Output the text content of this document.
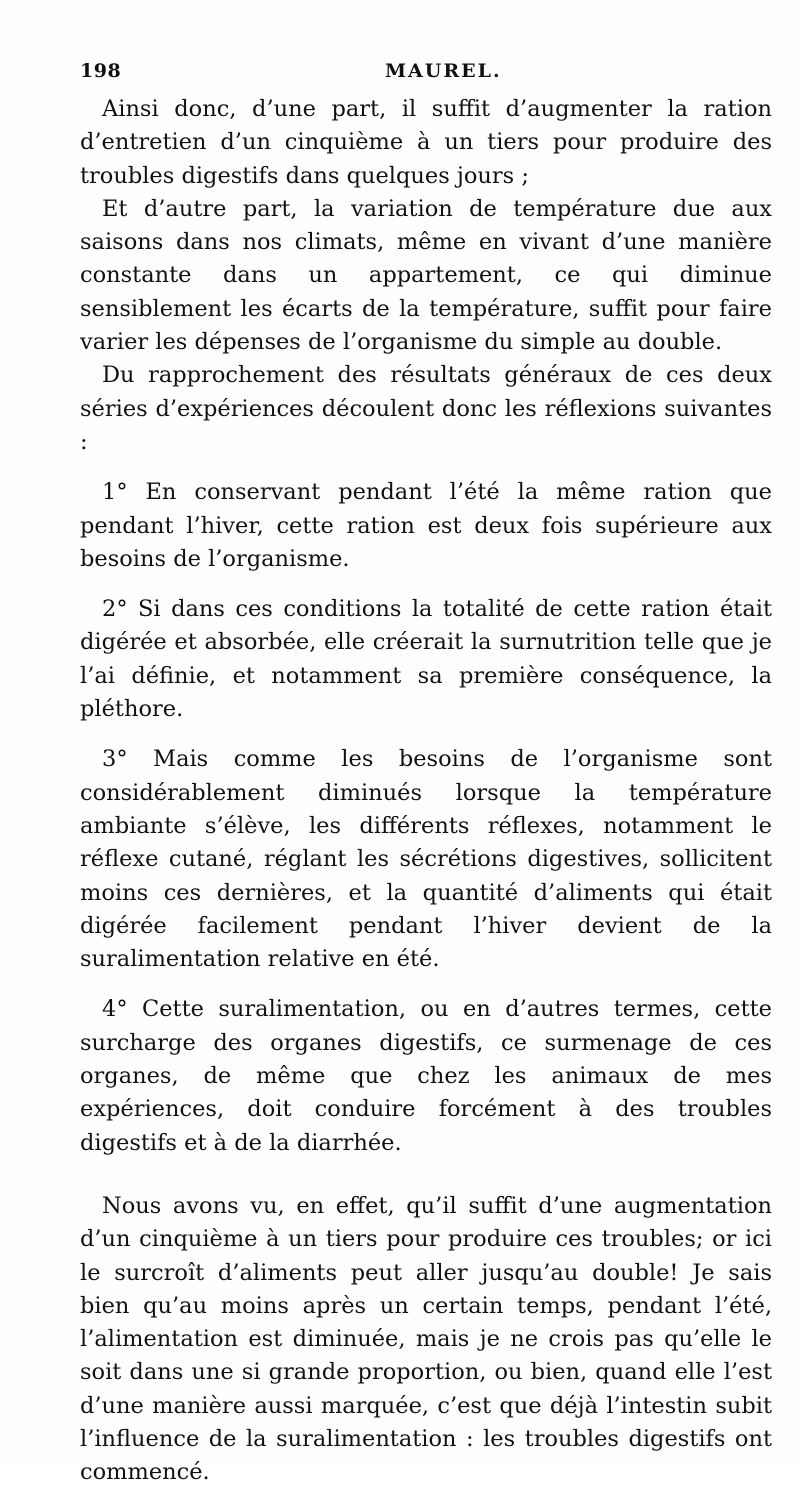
198	MAUREL.

Ainsi donc, d’une part, il suffit d’augmenter la ration d’entretien d’un cinquième à un tiers pour produire des troubles digestifs dans quelques jours ;

Et d’autre part, la variation de température due aux saisons dans nos climats, même en vivant d’une manière constante dans un appartement, ce qui diminue sensiblement les écarts de la température, suffit pour faire varier les dépenses de l’organisme du simple au double.

Du rapprochement des résultats généraux de ces deux séries d’expériences découlent donc les réflexions suivantes :

1° En conservant pendant l’été la même ration que pendant l’hiver, cette ration est deux fois supérieure aux besoins de l’organisme.

2° Si dans ces conditions la totalité de cette ration était digérée et absorbée, elle créerait la surnutrition telle que je l’ai définie, et notamment sa première conséquence, la pléthore.

3° Mais comme les besoins de l’organisme sont considérablement diminués lorsque la température ambiante s’élève, les différents réflexes, notamment le réflexe cutané, réglant les sécrétions digestives, sollicitent moins ces dernières, et la quantité d’aliments qui était digérée facilement pendant l’hiver devient de la suralimentation relative en été.

4° Cette suralimentation, ou en d’autres termes, cette surcharge des organes digestifs, ce surmenage de ces organes, de même que chez les animaux de mes expériences, doit conduire forcément à des troubles digestifs et à de la diarrhée.

Nous avons vu, en effet, qu’il suffit d’une augmentation d’un cinquième à un tiers pour produire ces troubles; or ici le surcroît d’aliments peut aller jusqu’au double! Je sais bien qu’au moins après un certain temps, pendant l’été, l’alimentation est diminuée, mais je ne crois pas qu’elle le soit dans une si grande proportion, ou bien, quand elle l’est d’une manière aussi marquée, c’est que déjà l’intestin subit l’influence de la suralimentation : les troubles digestifs ont commencé.
